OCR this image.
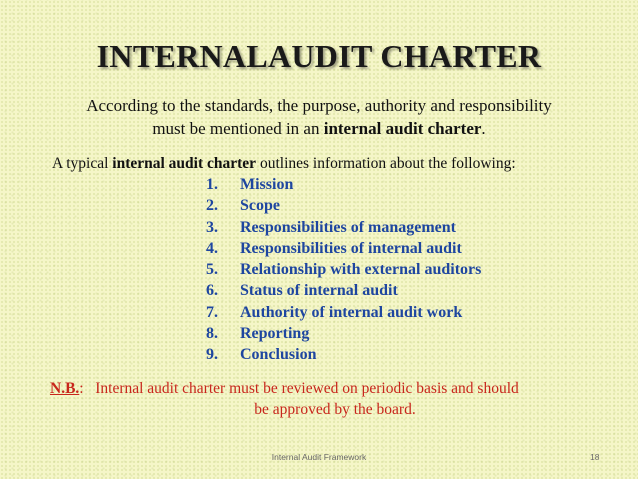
INTERNALAUDIT CHARTER
According to the standards, the purpose, authority and responsibility
must be mentioned in an internal audit charter.
A typical internal audit charter outlines information about the following:
1. Mission
2. Scope
3. Responsibilities of management
4. Responsibilities of internal audit
5. Relationship with external auditors
6. Status of internal audit
7. Authority of internal audit work
8. Reporting
9. Conclusion
N.B.:   Internal audit charter must be reviewed on periodic basis and should
be approved by the board.
Internal Audit Framework	18
